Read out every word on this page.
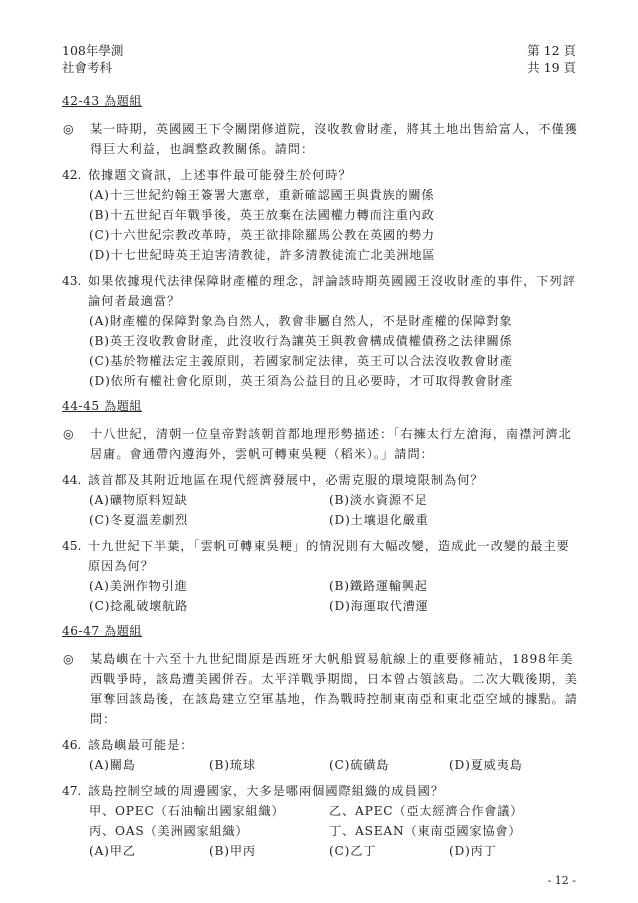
108年學測
社會考科
第 12 頁
共 19 頁
42-43 為題組
◎ 某一時期，英國國王下令關閉修道院，沒收教會財產，將其土地出售給富人，不僅獲得巨大利益，也調整政教關係。請問：
42. 依據題文資訊，上述事件最可能發生於何時？
(A)十三世紀約翰王簽署大憲章，重新確認國王與貴族的關係
(B)十五世紀百年戰爭後，英王放棄在法國權力轉而注重內政
(C)十六世紀宗教改革時，英王欲排除羅馬公教在英國的勢力
(D)十七世紀時英王迫害清教徒，許多清教徒流亡北美洲地區
43. 如果依據現代法律保障財產權的理念，評論該時期英國國王沒收財產的事件，下列評論何者最適當？
(A)財產權的保障對象為自然人，教會非屬自然人，不是財產權的保障對象
(B)英王沒收教會財產，此沒收行為讓英王與教會構成債權債務之法律關係
(C)基於物權法定主義原則，若國家制定法律，英王可以合法沒收教會財產
(D)依所有權社會化原則，英王須為公益目的且必要時，才可取得教會財產
44-45 為題組
◎ 十八世紀，清朝一位皇帝對該朝首都地理形勢描述：「右擁太行左滄海，南襟河濟北居庸。會通帶內遵海外，雲帆可轉東吳粳（稻米）。」請問：
44. 該首都及其附近地區在現代經濟發展中，必需克服的環境限制為何？
(A)礦物原料短缺	(B)淡水資源不足
(C)冬夏溫差劇烈	(D)土壤退化嚴重
45. 十九世紀下半葉，「雲帆可轉東吳粳」的情況則有大幅改變，造成此一改變的最主要原因為何？
(A)美洲作物引進	(B)鐵路運輸興起
(C)捻亂破壞航路	(D)海運取代漕運
46-47 為題組
◎ 某島嶼在十六至十九世紀間原是西班牙大帆船貿易航線上的重要修補站，1898年美西戰爭時，該島遭美國併吞。太平洋戰爭期間，日本曾占領該島。二次大戰後期，美軍奪回該島後，在該島建立空軍基地，作為戰時控制東南亞和東北亞空域的據點。請問：
46. 該島嶼最可能是：
(A)關島	(B)琉球	(C)硫磺島	(D)夏威夷島
47. 該島控制空域的周邊國家，大多是哪兩個國際組織的成員國？
甲、OPEC（石油輸出國家組織）	乙、APEC（亞太經濟合作會議）
丙、OAS（美洲國家組織）	丁、ASEAN（東南亞國家協會）
(A)甲乙	(B)甲丙	(C)乙丁	(D)丙丁
- 12 -
